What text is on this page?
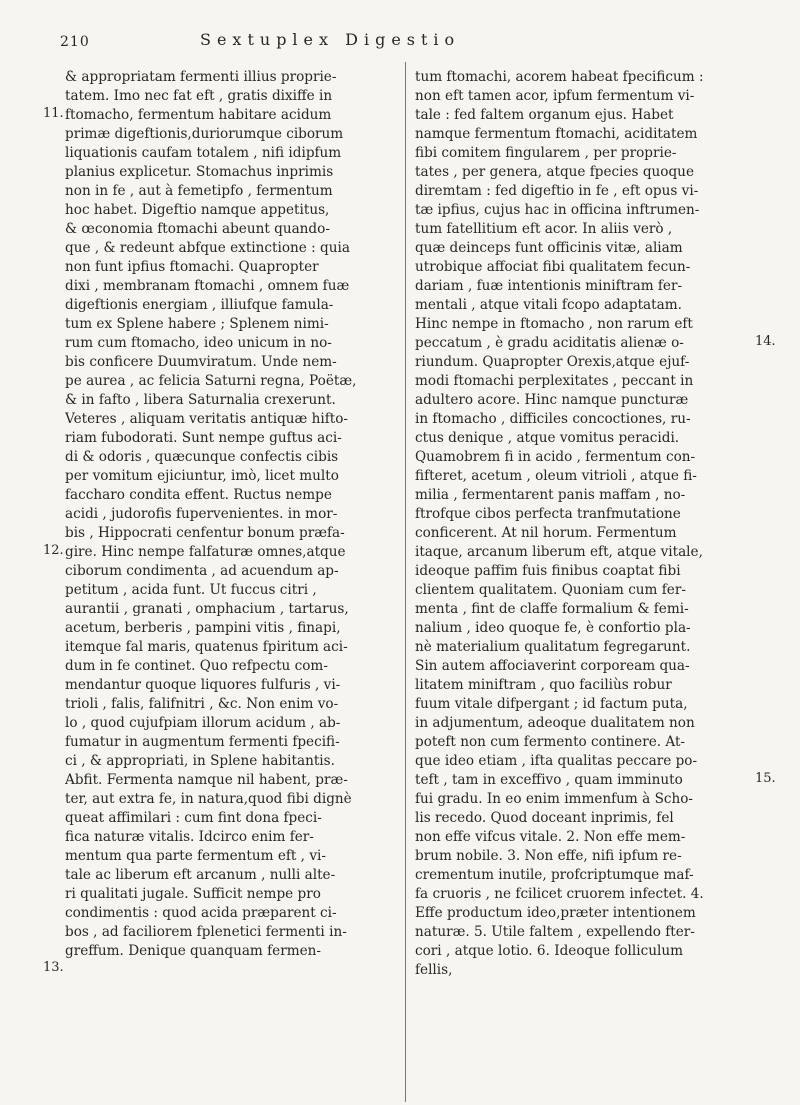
210	Sextuplex Digestio
& appropriatam fermenti illius proprie-
tatem. Imo nec fat eft , gratis dixiffe in
ftomacho, fermentum habitare acidum
primæ digeftionis,duriorumque ciborum
liquationis caufam totalem , nifi idipfum
planius explicetur. Stomachus inprimis
non in fe , aut à femetipfo , fermentum
hoc habet. Digeftio namque appetitus,
& œconomia ftomachi abeunt quando-
que , & redeunt abfque extinctione : quia
non funt ipfius ftomachi. Quapropter
dixi , membranam ftomachi , omnem fuæ
digeftionis energiam , illiufque famula-
tum ex Splene habere ; Splenem nimi-
rum cum ftomacho, ideo unicum in no-
bis conficere Duumviratum. Unde nem-
pe aurea , ac felicia Saturni regna, Poëtæ,
& in fafto , libera Saturnalia crexerunt.
Veteres , aliquam veritatis antiquæ hifto-
riam fubodorati. Sunt nempe guftus aci-
di & odoris , quæcunque confectis cibis
per vomitum ejiciuntur, imò, licet multo
facchаro condita effent. Ructus nempe
acidi , judorofis fupervenientes. in mor-
bis , Hippocrati cenfentur bonum præfa-
gire. Hinc nempe falfaturæ omnes,atque
ciborum condimenta , ad acuendum ap-
petitum , acida funt. Ut fuccus citri ,
aurantii , granati , omphacium , tartarus,
acetum, berberis , pampini vitis , finapi,
itemque fal maris, quatenus fpiritum aci-
dum in fe continet. Quo refpectu com-
mendantur quoque liquores fulfuris , vi-
trioli , falis, falifnitri , &c. Non enim vo-
lo , quod cujufpiam illorum acidum , ab-
fumatur in augmentum fermenti fpecifi-
ci , & appropriati, in Splene habitantis.
Abfit. Fermenta namque nil habent, præ-
ter, aut extra fe, in natura,quod fibi dignè
queat affimilari : cum fint dona fpeci-
fica naturæ vitalis. Idcirco enim fer-
mentum qua parte fermentum eft , vi-
tale ac liberum eft arcanum , nulli alte-
ri qualitati jugale. Sufficit nempe pro
condimentis : quod acida præparent ci-
bos , ad faciliorem fplenetici fermenti in-
greffum. Denique quanquam fermen-
tum ftomachi, acorem habeat fpecificum :
non eft tamen acor, ipfum fermentum vi-
tale : fed faltem organum ejus. Habet
namque fermentum ftomachi, aciditatem
fibi comitem fingularem , per proprie-
tates , per genera, atque fpecies quoque
diremtam : fed digeftio in fe , eft opus vi-
tæ ipfius, cujus hac in officina inftrumen-
tum fatellitium eft acor. In aliis verò ,
quæ deinceps funt officinis vitæ, aliam
utrobique affociat fibi qualitatem fecun-
dariam , fuæ intentionis miniftram fer-
mentali , atque vitali fcopo adaptatam.
Hinc nempe in ftomacho , non rarum eft
peccatum , è gradu aciditatis alienæ o-
riundum. Quapropter Orexis,atque ejuf-
modi ftomachi perplexitates , peccant in
adultero acore. Hinc namque puncturæ
in ftomacho , difficiles concoctiones, ru-
ctus denique , atque vomitus peracidi.
Quamobrem fi in acido , fermentum con-
fifteret, acetum , oleum vitrioli , atque fi-
milia , fermentarent panis maffam , no-
ftrofque cibos perfecta tranfmutatione
conficerent. At nil horum. Fermentum
itaque, arcanum liberum eft, atque vitale,
ideoque paffim fuis finibus coaptat fibi
clientem qualitatem. Quoniam cum fer-
menta , fint de claffe formalium & femi-
nalium , ideo quoque fe, è confortio pla-
nè materialium qualitatum fegregarunt.
Sin autem affociaverint corpoream qua-
litatem miniftram , quo faciliùs robur
fuum vitale difpergant ; id factum puta,
in adjumentum, adeoque dualitatem non
poteft non cum fermento continere. At-
que ideo etiam , ifta qualitas peccare po-
teft , tam in exceffivo , quam imminuto
fui gradu. In eo enim immenfum à Scho-
lis recedo. Quod doceant inprimis, fel
non effe vifcus vitale. 2. Non effe mem-
brum nobile. 3. Non effe, nifi ipfum re-
crementum inutile, profcriptumque maf-
fa cruoris , ne fcilicet cruorem infectet. 4.
Effe productum ideo,præter intentionem
naturæ. 5. Utile faltem , expellendo fter-
cori , atque lotio. 6. Ideoque folliculum
fellis,
11.
12.
13.
14.
15.
